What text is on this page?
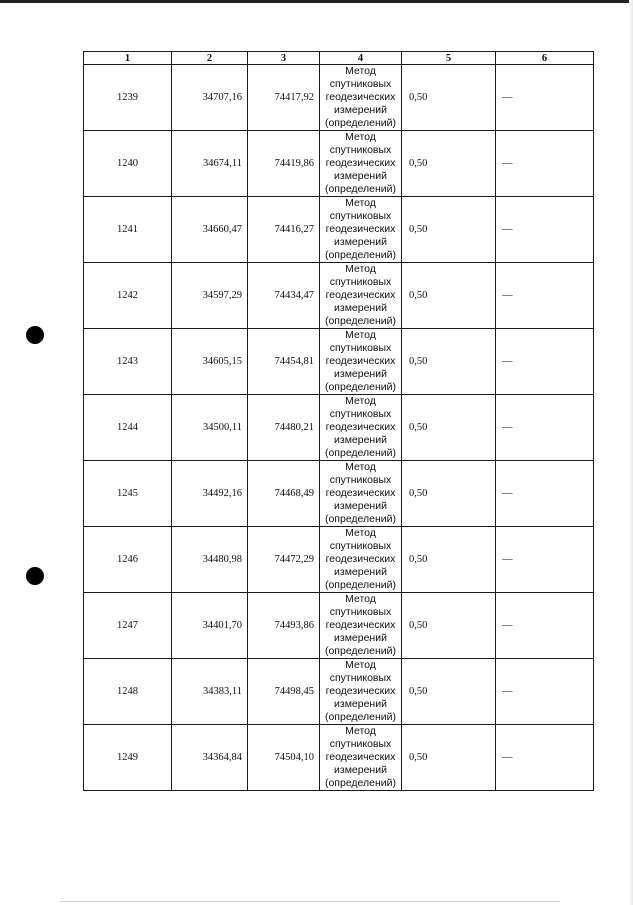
1	2	3	4	5	6
1239	34707,16	74417,92	Метод спутниковых геодезических измерений (определений)	0,50	—
1240	34674,11	74419,86	Метод спутниковых геодезических измерений (определений)	0,50	—
1241	34660,47	74416,27	Метод спутниковых геодезических измерений (определений)	0,50	—
1242	34597,29	74434,47	Метод спутниковых геодезических измерений (определений)	0,50	—
1243	34605,15	74454,81	Метод спутниковых геодезических измерений (определений)	0,50	—
1244	34500,11	74480,21	Метод спутниковых геодезических измерений (определений)	0,50	—
1245	34492,16	74468,49	Метод спутниковых геодезических измерений (определений)	0,50	—
1246	34480,98	74472,29	Метод спутниковых геодезических измерений (определений)	0,50	—
1247	34401,70	74493,86	Метод спутниковых геодезических измерений (определений)	0,50	—
1248	34383,11	74498,45	Метод спутниковых геодезических измерений (определений)	0,50	—
1249	34364,84	74504,10	Метод спутниковых геодезических измерений (определений)	0,50	—
